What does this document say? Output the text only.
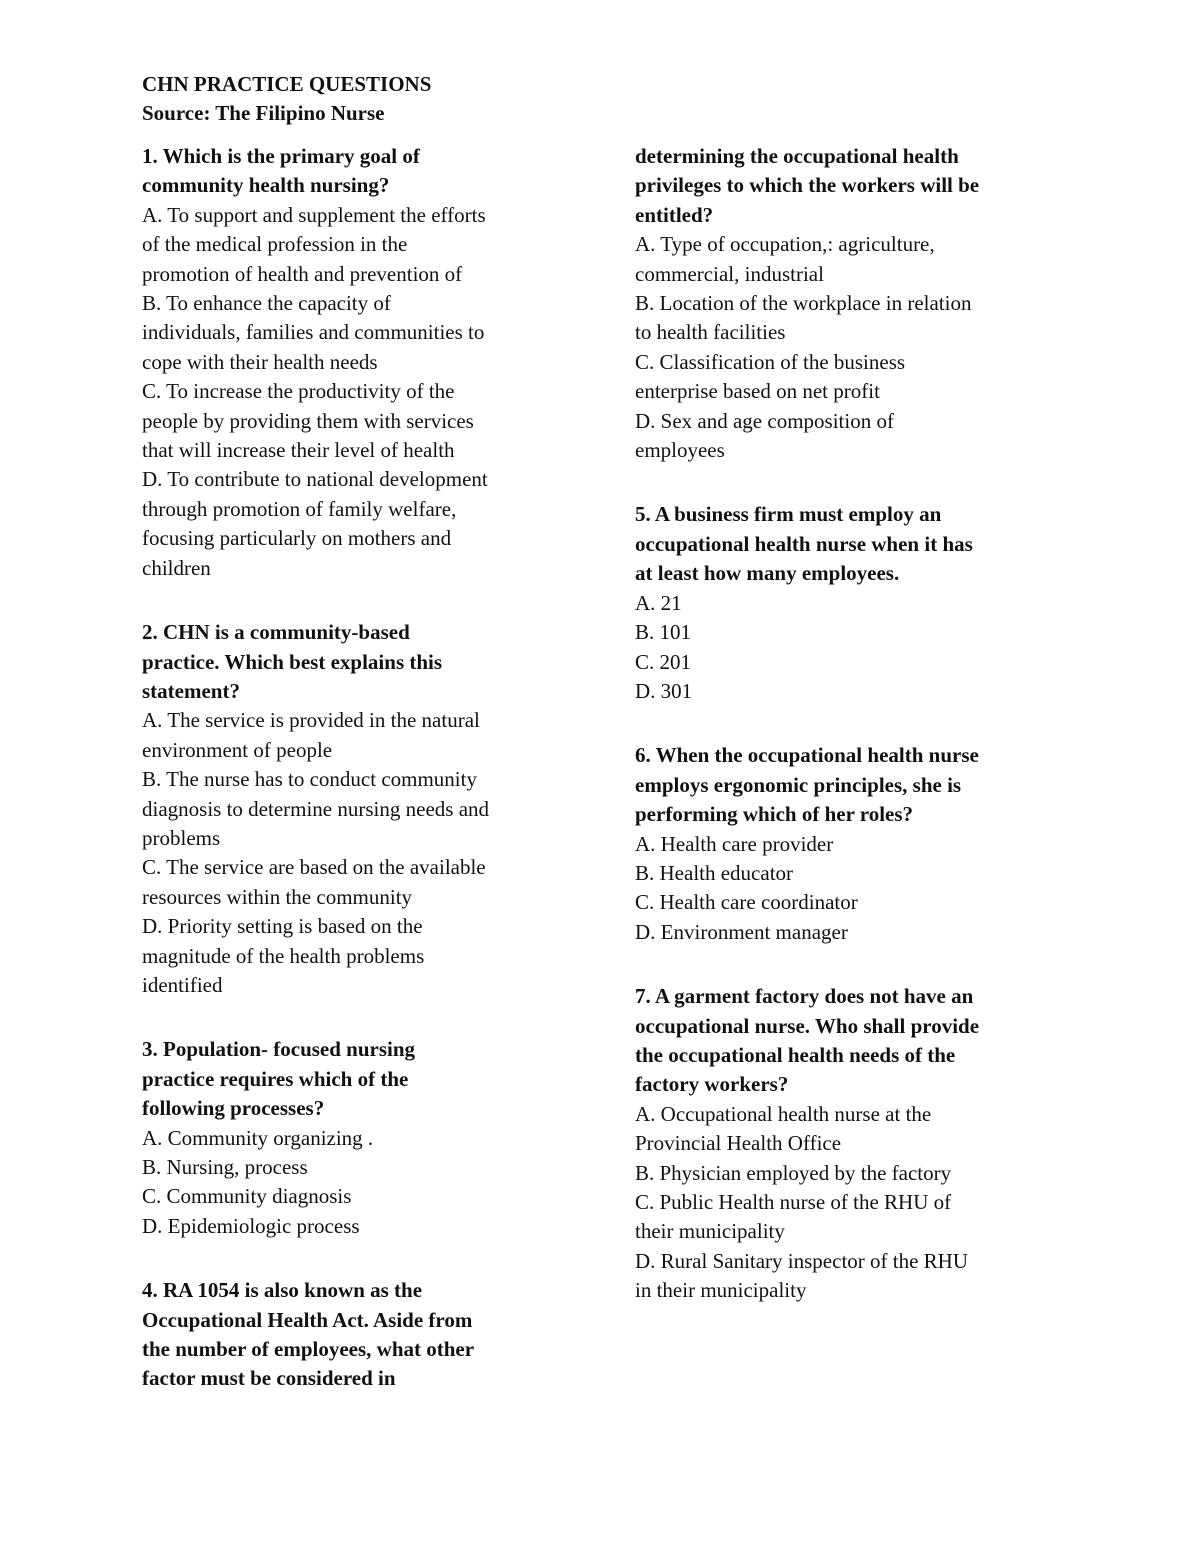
CHN PRACTICE QUESTIONS
Source: The Filipino Nurse
1. Which is the primary goal of
community health nursing?
A. To support and supplement the efforts
of the medical profession in the
promotion of health and prevention of
B. To enhance the capacity of
individuals, families and communities to
cope with their health needs
C. To increase the productivity of the
people by providing them with services
that will increase their level of health
D. To contribute to national development
through promotion of family welfare,
focusing particularly on mothers and
children
2. CHN is a community-based
practice. Which best explains this
statement?
A. The service is provided in the natural
environment of people
B. The nurse has to conduct community
diagnosis to determine nursing needs and
problems
C. The service are based on the available
resources within the community
D. Priority setting is based on the
magnitude of the health problems
identified
3. Population- focused nursing
practice requires which of the
following processes?
A. Community organizing .
B. Nursing, process
C. Community diagnosis
D. Epidemiologic process
4. RA 1054 is also known as the
Occupational Health Act. Aside from
the number of employees, what other
factor must be considered in
determining the occupational health
privileges to which the workers will be
entitled?
A. Type of occupation,: agriculture,
commercial, industrial
B. Location of the workplace in relation
to health facilities
C. Classification of the business
enterprise based on net profit
D. Sex and age composition of
employees
5. A business firm must employ an
occupational health nurse when it has
at least how many employees.
A. 21
B. 101
C. 201
D. 301
6. When the occupational health nurse
employs ergonomic principles, she is
performing which of her roles?
A. Health care provider
B. Health educator
C. Health care coordinator
D. Environment manager
7. A garment factory does not have an
occupational nurse. Who shall provide
the occupational health needs of the
factory workers?
A. Occupational health nurse at the
Provincial Health Office
B. Physician employed by the factory
C. Public Health nurse of the RHU of
their municipality
D. Rural Sanitary inspector of the RHU
in their municipality
